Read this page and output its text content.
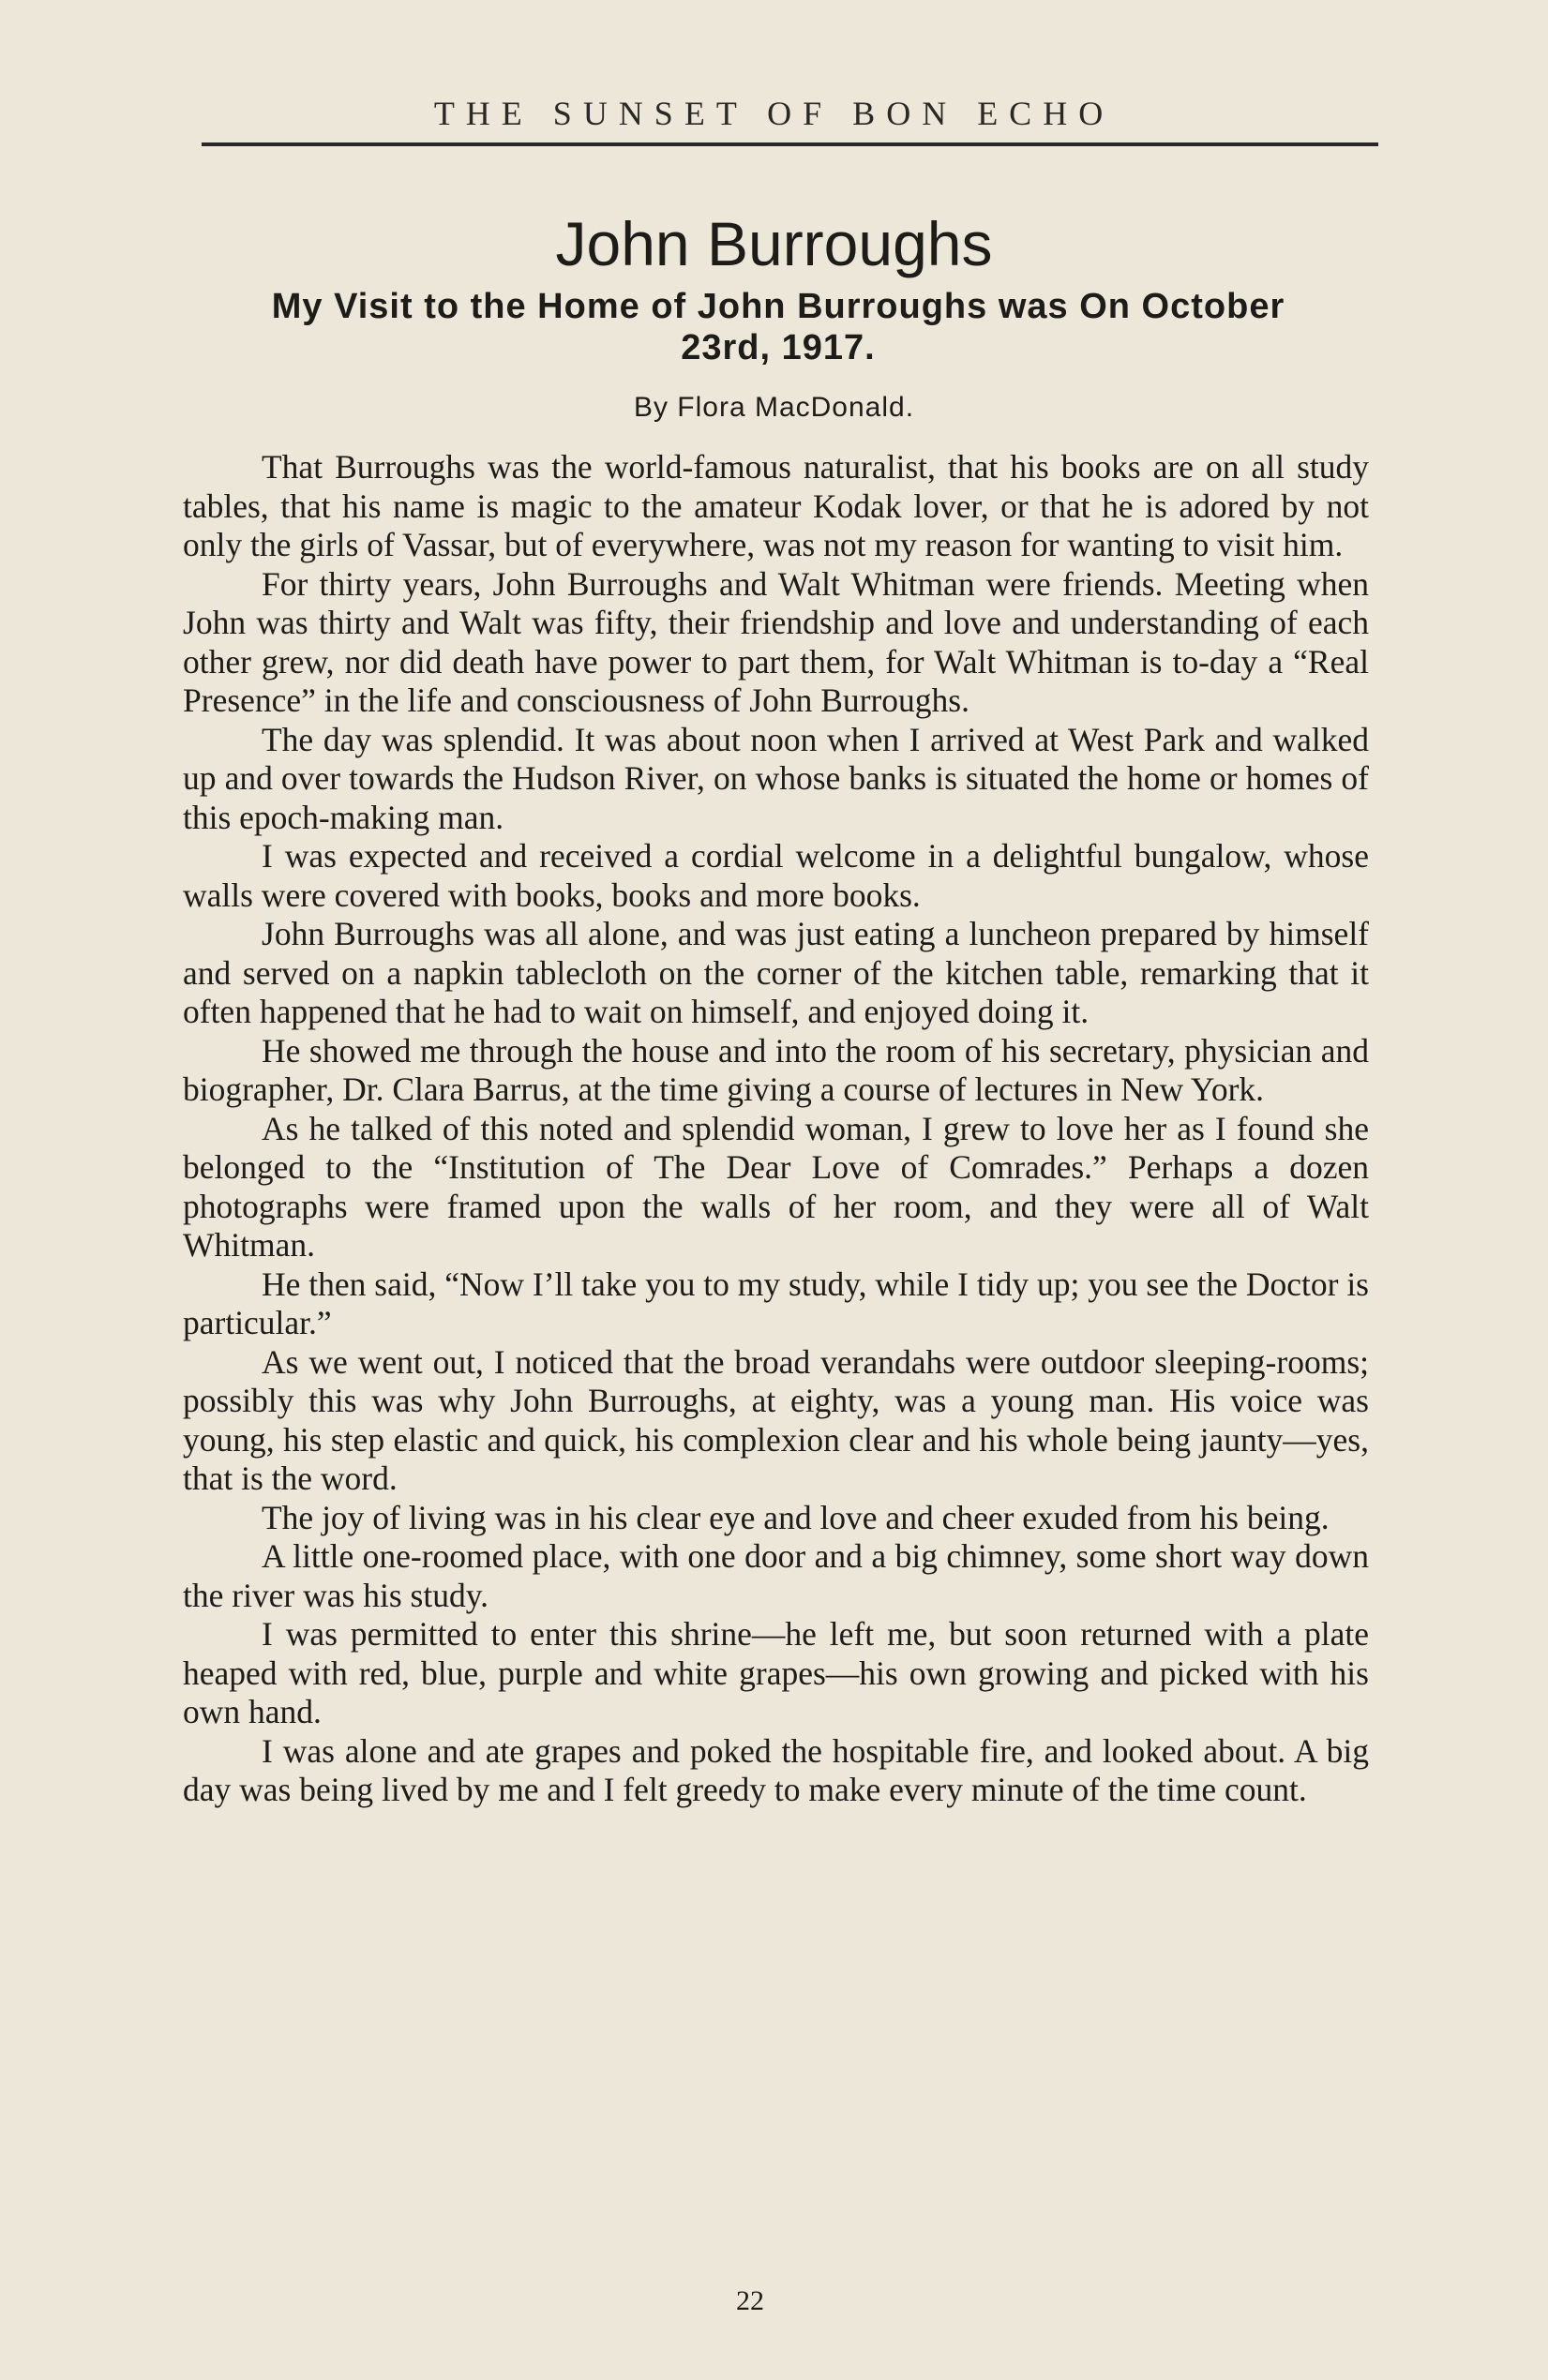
THE SUNSET OF BON ECHO
John Burroughs
My Visit to the Home of John Burroughs was On October 23rd, 1917.
By Flora MacDonald.

That Burroughs was the world-famous naturalist, that his books are on all study tables, that his name is magic to the amateur Kodak lover, or that he is adored by not only the girls of Vassar, but of everywhere, was not my reason for wanting to visit him.

For thirty years, John Burroughs and Walt Whitman were friends. Meeting when John was thirty and Walt was fifty, their friendship and love and understanding of each other grew, nor did death have power to part them, for Walt Whitman is to-day a “Real Presence” in the life and consciousness of John Burroughs.

The day was splendid. It was about noon when I arrived at West Park and walked up and over towards the Hudson River, on whose banks is situated the home or homes of this epoch-making man.

I was expected and received a cordial welcome in a delightful bungalow, whose walls were covered with books, books and more books.

John Burroughs was all alone, and was just eating a luncheon prepared by himself and served on a napkin tablecloth on the corner of the kitchen table, remarking that it often happened that he had to wait on himself, and enjoyed doing it.

He showed me through the house and into the room of his secretary, physician and biographer, Dr. Clara Barrus, at the time giving a course of lectures in New York.

As he talked of this noted and splendid woman, I grew to love her as I found she belonged to the “Institution of The Dear Love of Comrades.” Perhaps a dozen photographs were framed upon the walls of her room, and they were all of Walt Whitman.

He then said, “Now I’ll take you to my study, while I tidy up; you see the Doctor is particular.”

As we went out, I noticed that the broad verandahs were outdoor sleeping-rooms; possibly this was why John Burroughs, at eighty, was a young man. His voice was young, his step elastic and quick, his complexion clear and his whole being jaunty—yes, that is the word.

The joy of living was in his clear eye and love and cheer exuded from his being.

A little one-roomed place, with one door and a big chimney, some short way down the river was his study.

I was permitted to enter this shrine—he left me, but soon returned with a plate heaped with red, blue, purple and white grapes—his own growing and picked with his own hand.

I was alone and ate grapes and poked the hospitable fire, and looked about. A big day was being lived by me and I felt greedy to make every minute of the time count.

22
